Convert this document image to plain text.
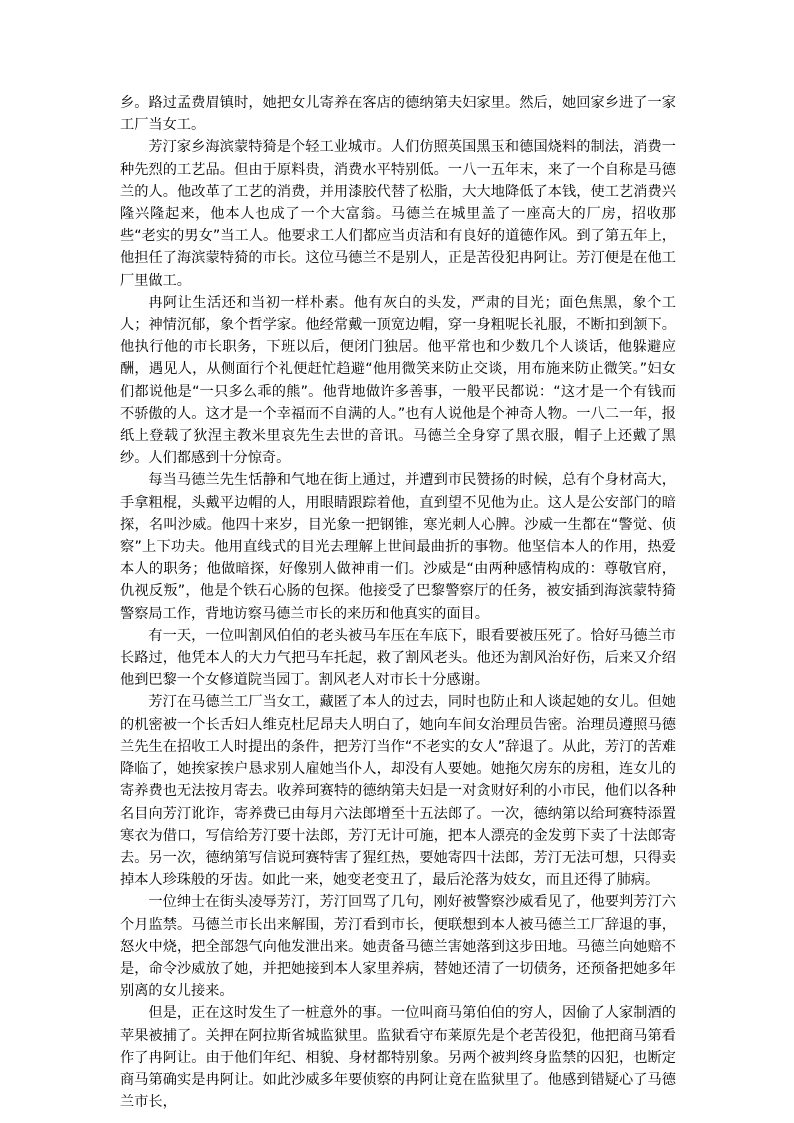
乡。路过孟费眉镇时，她把女儿寄养在客店的德纳第夫妇家里。然后，她回家乡进了一家工厂当女工。

芳汀家乡海滨蒙特猗是个轻工业城市。人们仿照英国黑玉和德国烧料的制法，消费一种先烈的工艺品。但由于原料贵，消费水平特别低。一八一五年末，来了一个自称是马德兰的人。他改革了工艺的消费，并用漆胶代替了松脂，大大地降低了本钱，使工艺消费兴隆兴隆起来，他本人也成了一个大富翁。马德兰在城里盖了一座高大的厂房，招收那些“老实的男女”当工人。他要求工人们都应当贞洁和有良好的道德作风。到了第五年上，他担任了海滨蒙特猗的市长。这位马德兰不是别人，正是苦役犯冉阿让。芳汀便是在他工厂里做工。

冉阿让生活还和当初一样朴素。他有灰白的头发，严肃的目光；面色焦黑，象个工人；神情沉郁，象个哲学家。他经常戴一顶宽边帽，穿一身粗呢长礼服，不断扣到颔下。他执行他的市长职务，下班以后，便闭门独居。他平常也和少数几个人谈话，他躲避应酬，遇见人，从侧面行个礼便赶忙趋避“他用微笑来防止交谈，用布施来防止微笑。”妇女们都说他是“一只多么乖的熊”。他背地做许多善事，一般平民都说：“这才是一个有钱而不骄傲的人。这才是一个幸福而不自满的人。”也有人说他是个神奇人物。一八二一年，报纸上登载了狄涅主教米里哀先生去世的音讯。马德兰全身穿了黑衣服，帽子上还戴了黑纱。人们都感到十分惊奇。

每当马德兰先生恬静和气地在街上通过，并遭到市民赞扬的时候，总有个身材高大，手拿粗棍，头戴平边帽的人，用眼睛跟踪着他，直到望不见他为止。这人是公安部门的暗探，名叫沙威。他四十来岁，目光象一把钢锥，寒光刺人心脾。沙威一生都在“警觉、侦察”上下功夫。他用直线式的目光去理解上世间最曲折的事物。他坚信本人的作用，热爱本人的职务；他做暗探，好像别人做神甫一们。沙威是“由两种感情构成的：尊敬官府，仇视反叛”，他是个铁石心肠的包探。他接受了巴黎警察厅的任务，被安插到海滨蒙特猗警察局工作，背地访察马德兰市长的来历和他真实的面目。

有一天，一位叫割风伯伯的老头被马车压在车底下，眼看要被压死了。恰好马德兰市长路过，他凭本人的大力气把马车托起，救了割风老头。他还为割风治好伤，后来又介绍他到巴黎一个女修道院当园丁。割风老人对市长十分感谢。

芳汀在马德兰工厂当女工，藏匿了本人的过去，同时也防止和人谈起她的女儿。但她的机密被一个长舌妇人维克杜尼昂夫人明白了，她向车间女治理员告密。治理员遵照马德兰先生在招收工人时提出的条件，把芳汀当作“不老实的女人”辞退了。从此，芳汀的苦难降临了，她挨家挨户恳求别人雇她当仆人，却没有人要她。她拖欠房东的房租，连女儿的寄养费也无法按月寄去。收养珂赛特的德纳第夫妇是一对贪财好利的小市民，他们以各种名目向芳汀讹诈，寄养费已由每月六法郎增至十五法郎了。一次，德纳第以给珂赛特添置寒衣为借口，写信给芳汀要十法郎，芳汀无计可施，把本人漂亮的金发剪下卖了十法郎寄去。另一次，德纳第写信说珂赛特害了猩红热，要她寄四十法郎，芳汀无法可想，只得卖掉本人珍珠般的牙齿。如此一来，她变老变丑了，最后沦落为妓女，而且还得了肺病。

一位绅士在街头凌辱芳汀，芳汀回骂了几句，刚好被警察沙威看见了，他要判芳汀六个月监禁。马德兰市长出来解围，芳汀看到市长，便联想到本人被马德兰工厂辞退的事，怒火中烧，把全部怨气向他发泄出来。她责备马德兰害她落到这步田地。马德兰向她赔不是，命令沙威放了她，并把她接到本人家里养病，替她还清了一切债务，还预备把她多年别离的女儿接来。

但是，正在这时发生了一桩意外的事。一位叫商马第伯伯的穷人，因偷了人家制酒的苹果被捕了。关押在阿拉斯省城监狱里。监狱看守布莱原先是个老苦役犯，他把商马第看作了冉阿让。由于他们年纪、相貌、身材都特别象。另两个被判终身监禁的囚犯，也断定商马第确实是冉阿让。如此沙威多年要侦察的冉阿让竟在监狱里了。他感到错疑心了马德兰市长，
